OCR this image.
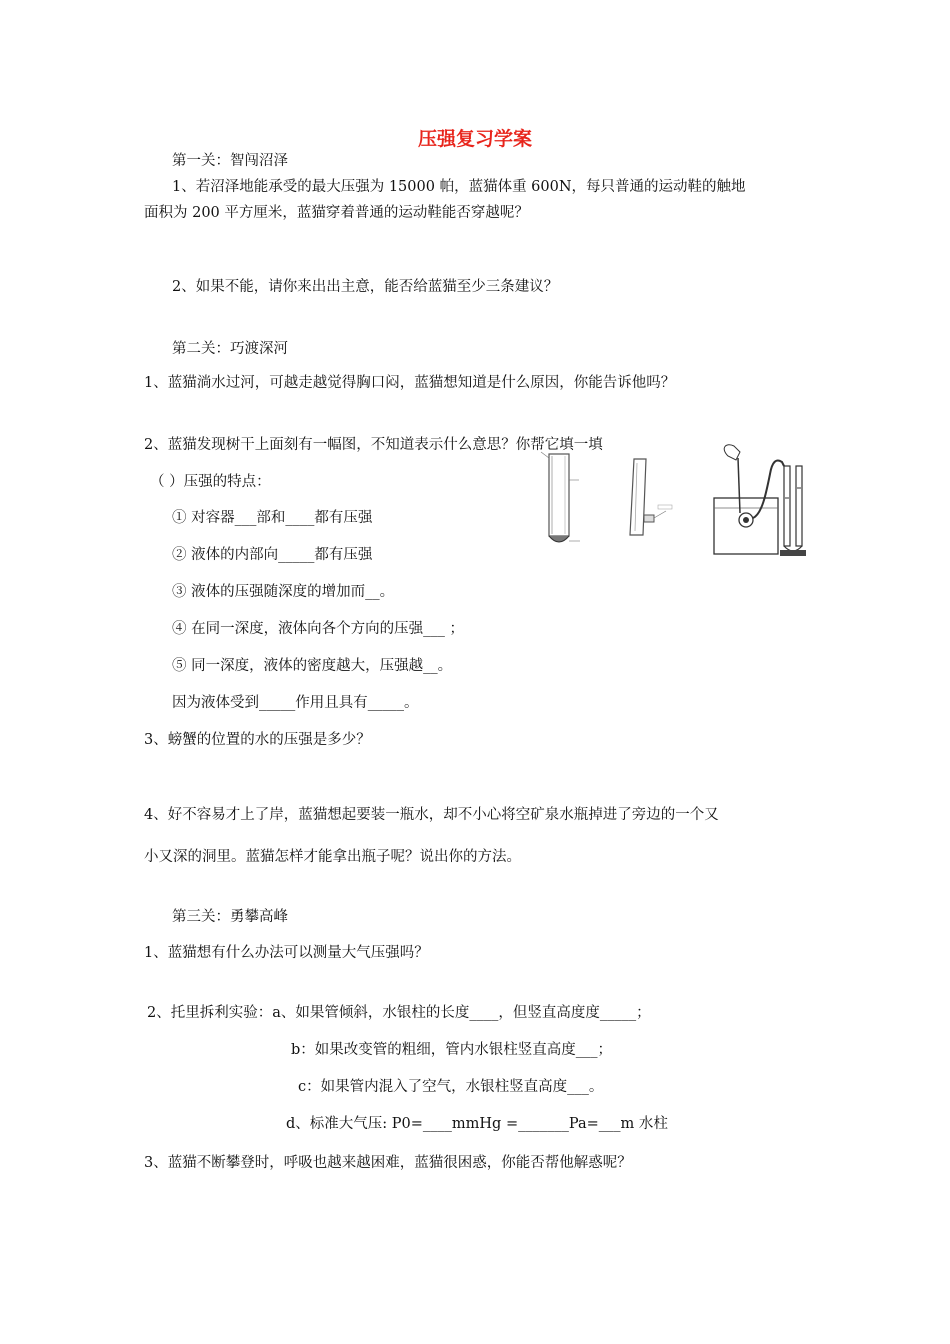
压强复习学案
第一关：智闯沼泽
1、若沼泽地能承受的最大压强为 15000 帕，蓝猫体重 600N，每只普通的运动鞋的触地
面积为 200 平方厘米，蓝猫穿着普通的运动鞋能否穿越呢？
2、如果不能，请你来出出主意，能否给蓝猫至少三条建议？
第二关：巧渡深河
1、蓝猫淌水过河，可越走越觉得胸口闷，蓝猫想知道是什么原因，你能告诉他吗？
2、蓝猫发现树干上面刻有一幅图，不知道表示什么意思？你帮它填一填
（ ）压强的特点：
① 对容器___部和____都有压强
② 液体的内部向_____都有压强
③ 液体的压强随深度的增加而__。
④ 在同一深度，液体向各个方向的压强___ ；
⑤ 同一深度，液体的密度越大，压强越__。
因为液体受到_____作用且具有_____。
3、螃蟹的位置的水的压强是多少？
4、好不容易才上了岸，蓝猫想起要装一瓶水，却不小心将空矿泉水瓶掉进了旁边的一个又
小又深的洞里。蓝猫怎样才能拿出瓶子呢？说出你的方法。
第三关：勇攀高峰
1、蓝猫想有什么办法可以测量大气压强吗？
2、托里拆利实验：a、如果管倾斜，水银柱的长度____，但竖直高度度_____；
b：如果改变管的粗细，管内水银柱竖直高度___；
c：如果管内混入了空气，水银柱竖直高度___。
d、标准大气压: P0=____mmHg =_______Pa=___m 水柱
3、蓝猫不断攀登时，呼吸也越来越困难，蓝猫很困惑，你能否帮他解惑呢？
